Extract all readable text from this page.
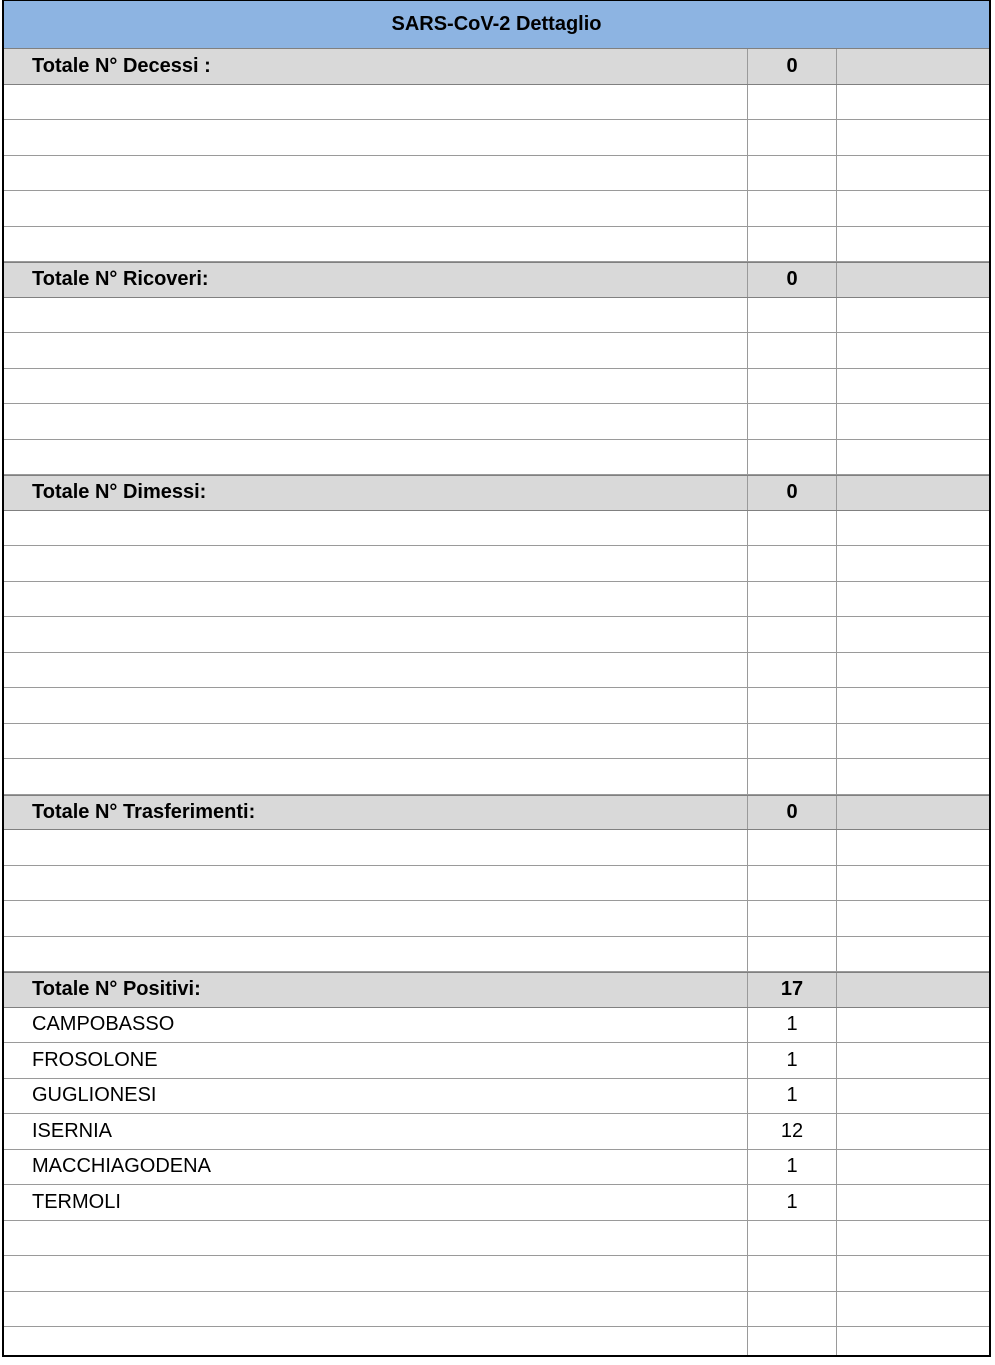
SARS-CoV-2 Dettaglio
Totale N° Decessi :	0
Totale N° Ricoveri:	0
Totale N° Dimessi:	0
Totale N° Trasferimenti:	0
Totale N° Positivi:	17
CAMPOBASSO	1
FROSOLONE	1
GUGLIONESI	1
ISERNIA	12
MACCHIAGODENA	1
TERMOLI	1
